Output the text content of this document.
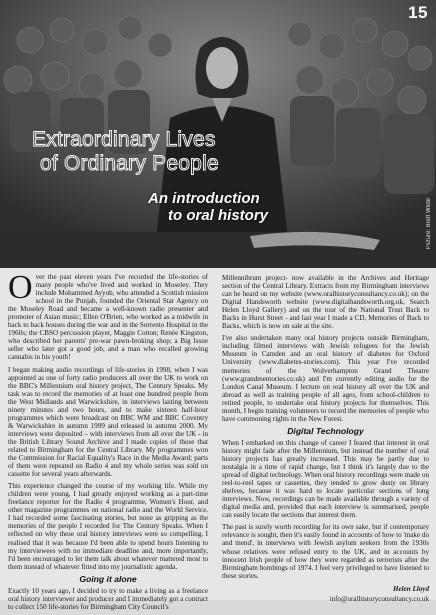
15
Extraordinary Lives
of Ordinary People
An introduction
to oral history	Picture: Brett Wilde

Over the past eleven years I've recorded the life-stories of many people who've lived and worked in Moseley. They include Mohammed Ayyub, who attended a Scottish mission school in the Punjab, founded the Oriental Star Agency on the Moseley Road and became a well-known radio presenter and promoter of Asian music; Ellen O'Brien, who worked as a midwife in back to back houses during the war and in the Sorrento Hospital in the 1960s; the CBSO percussion player, Maggie Cotton; Renée Kingston, who described her parents' pre-war pawn-broking shop; a Big Issue seller who later got a good job, and a man who recalled growing cannabis in his youth!

I began making audio recordings of life-stories in 1998, when I was appointed as one of forty radio producers all over the UK to work on the BBC's Millennium oral history project, The Century Speaks. My task was to record the memories of at least one hundred people from the West Midlands and Warwickshire, in interviews lasting between ninety minutes and two hours, and to make sixteen half-hour programmes which were broadcast on BBC WM and BBC Coventry & Warwickshire in autumn 1999 and released in autumn 2000. My interviews were deposited – with interviews from all over the UK - in the British Library Sound Archive and I made copies of those that related to Birmingham for the Central Library. My programmes won the Commission for Racial Equality's Race in the Media Award; parts of them were repeated on Radio 4 and my whole series was sold on cassette for several years afterwards.

This experience changed the course of my working life. While my children were young, I had greatly enjoyed working as a part-time freelance reporter for the Radio 4 programme, Women's Hour, and other magazine programmes on national radio and the World Service. I had recorded some fascinating stories, but none as gripping as the memories of the people I recorded for The Century Speaks. When I reflected on why these oral history interviews were so compelling, I realised that it was because I'd been able to spend hours listening to my interviewees with no immediate deadline and, more importantly, I'd been encouraged to let them talk about whatever mattered most to them instead of whatever fitted into my journalistic agenda.

Going it alone

Exactly 10 years ago, I decided to try to make a living as a freelance oral history interviewer and producer and I immediately got a contract to collect 150 life-stories for Birmingham City Council's

Millennibrum project- now available in the Archives and Heritage section of the Central Library. Extracts from my Birmingham interviews can be heard on my website (www.oralhistoryconsultancy.co.uk); on the Digital Handsworth website (www.digitalhandsworth.org.uk, Search Helen Lloyd Gallery) and on the tour of the National Trust Back to Backs in Hurst Street - and last year I made a CD, Memories of Back to Backs, which is now on sale at the site.

I've also undertaken many oral history projects outside Birmingham, including filmed interviews with Jewish refugees for the Jewish Museum in Camden and an oral history of diabetes for Oxford University (www.diabetes-stories.com). This year I've recorded memories of the Wolverhampton Grand Theatre (www.grandmemories.co.uk) and I'm currently editing audio for the London Canal Museum. I lecture on oral history all over the UK and abroad as well as training people of all ages, from school-children to retired people, to undertake oral history projects for themselves. This month, I begin training volunteers to record the memories of people who have commoning rights in the New Forest.

Digital Technology

When I embarked on this change of career I feared that interest in oral history might fade after the Millennium, but instead the number of oral history projects has greatly increased. This may be partly due to nostalgia in a time of rapid change, but I think it's largely due to the spread of digital technology. When oral history recordings were made on reel-to-reel tapes or cassettes, they tended to grow dusty on library shelves, because it was hard to locate particular sections of long interviews. Now, recordings can be made available through a variety of digital media and, provided that each interview is summarised, people can easily locate the sections that interest them.

The past is surely worth recording for its own sake, but if contemporary relevance is sought, then it's easily found in accounts of how to 'make do and mend', in interviews with Jewish asylum seekers from the 1930s whose relatives were refused entry to the UK, and in accounts by innocent Irish people of how they were regarded as terrorists after the Birmingham bombings of 1974. I feel very privileged to have listened to these stories.

Helen Lloyd
info@oralhistoryconsultancy.co.uk
